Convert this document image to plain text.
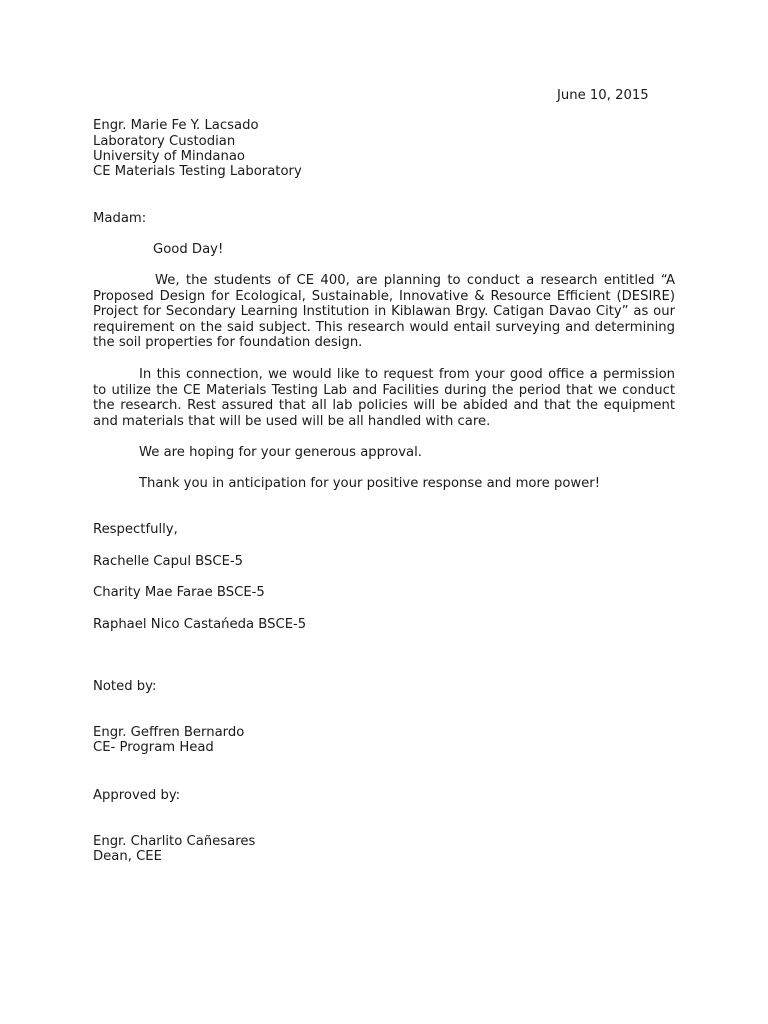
June 10, 2015
Engr. Marie Fe Y. Lacsado
Laboratory Custodian
University of Mindanao
CE Materials Testing Laboratory
Madam:
Good Day!
We, the students of CE 400, are planning to conduct a research entitled “A Proposed Design for Ecological, Sustainable, Innovative & Resource Efficient (DESIRE) Project for Secondary Learning Institution in Kiblawan Brgy. Catigan Davao City” as our requirement on the said subject. This research would entail surveying and determining the soil properties for foundation design.
In this connection, we would like to request from your good office a permission to utilize the CE Materials Testing Lab and Facilities during the period that we conduct the research. Rest assured that all lab policies will be abided and that the equipment and materials that will be used will be all handled with care.
We are hoping for your generous approval.
Thank you in anticipation for your positive response and more power!
Respectfully,
Rachelle Capul BSCE-5
Charity Mae Farae BSCE-5
Raphael Nico Castańeda BSCE-5
Noted by:
Engr. Geffren Bernardo
CE- Program Head
Approved by:
Engr. Charlito Cañesares
Dean, CEE
